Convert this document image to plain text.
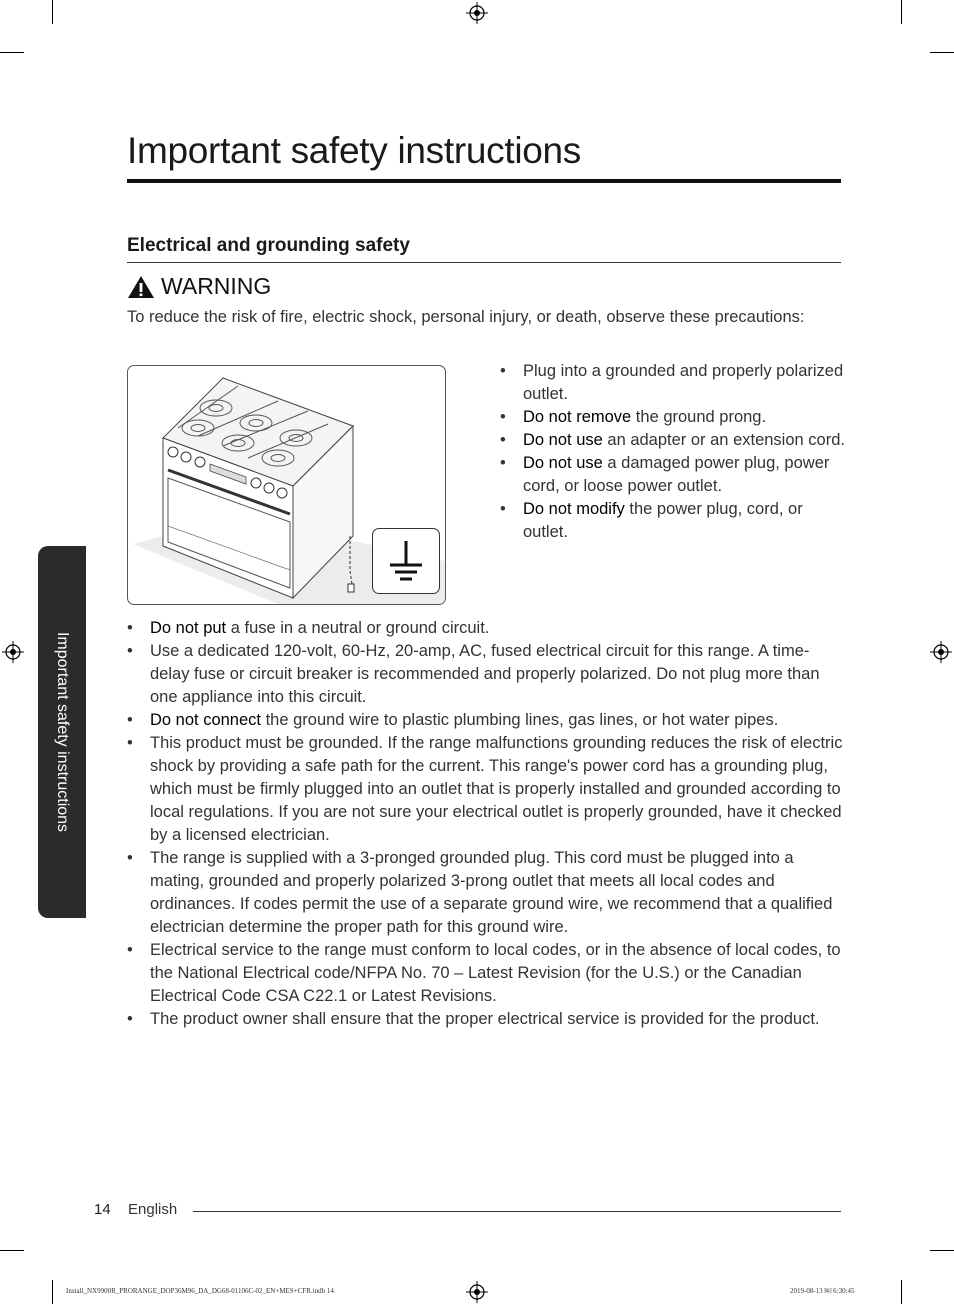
Important safety instructions
Important safety instructions
Electrical and grounding safety
WARNING
To reduce the risk of fire, electric shock, personal injury, or death, observe these precautions:
• Plug into a grounded and properly polarized outlet.
• Do not remove the ground prong.
• Do not use an adapter or an extension cord.
• Do not use a damaged power plug, power cord, or loose power outlet.
• Do not modify the power plug, cord, or outlet.
• Do not put a fuse in a neutral or ground circuit.
• Use a dedicated 120-volt, 60-Hz, 20-amp, AC, fused electrical circuit for this range. A time-delay fuse or circuit breaker is recommended and properly polarized. Do not plug more than one appliance into this circuit.
• Do not connect the ground wire to plastic plumbing lines, gas lines, or hot water pipes.
• This product must be grounded. If the range malfunctions grounding reduces the risk of electric shock by providing a safe path for the current. This range's power cord has a grounding plug, which must be firmly plugged into an outlet that is properly installed and grounded according to local regulations. If you are not sure your electrical outlet is properly grounded, have it checked by a licensed electrician.
• The range is supplied with a 3-pronged grounded plug. This cord must be plugged into a mating, grounded and properly polarized 3-prong outlet that meets all local codes and ordinances. If codes permit the use of a separate ground wire, we recommend that a qualified electrician determine the proper path for this ground wire.
• Electrical service to the range must conform to local codes, or in the absence of local codes, to the National Electrical code/NFPA No. 70 – Latest Revision (for the U.S.) or the Canadian Electrical Code CSA C22.1 or Latest Revisions.
• The product owner shall ensure that the proper electrical service is provided for the product.
14 English
Install_NX9900R_PRORANGE_DOP36M96_DA_DG68-01106C-02_EN+MES+CFR.indb 14	2019-08-13 ￼ 6:30:45
